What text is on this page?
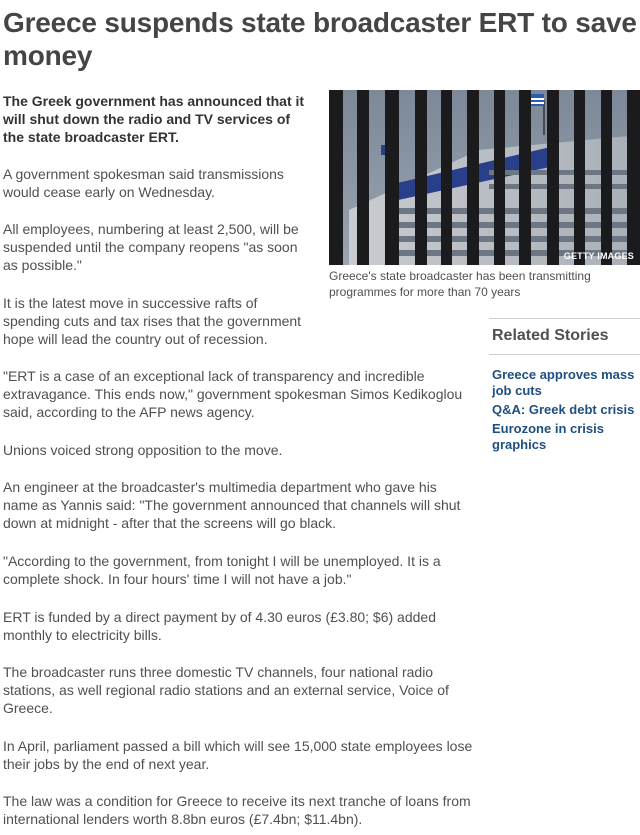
Greece suspends state broadcaster ERT to save money

The Greek government has announced that it will shut down the radio and TV services of the state broadcaster ERT.

A government spokesman said transmissions would cease early on Wednesday.

All employees, numbering at least 2,500, will be suspended until the company reopens "as soon as possible."

It is the latest move in successive rafts of spending cuts and tax rises that the government hope will lead the country out of recession.

"ERT is a case of an exceptional lack of transparency and incredible extravagance. This ends now," government spokesman Simos Kedikoglou said, according to the AFP news agency.

Unions voiced strong opposition to the move.

An engineer at the broadcaster's multimedia department who gave his name as Yannis said: "The government announced that channels will shut down at midnight - after that the screens will go black.

"According to the government, from tonight I will be unemployed. It is a complete shock. In four hours' time I will not have a job."

ERT is funded by a direct payment by of 4.30 euros (£3.80; $6) added monthly to electricity bills.

The broadcaster runs three domestic TV channels, four national radio stations, as well regional radio stations and an external service, Voice of Greece.

In April, parliament passed a bill which will see 15,000 state employees lose their jobs by the end of next year.

The law was a condition for Greece to receive its next tranche of loans from international lenders worth 8.8bn euros (£7.4bn; $11.4bn).

GETTY IMAGES

Greece's state broadcaster has been transmitting programmes for more than 70 years

Related Stories
Greece approves mass job cuts
Q&A: Greek debt crisis
Eurozone in crisis graphics
